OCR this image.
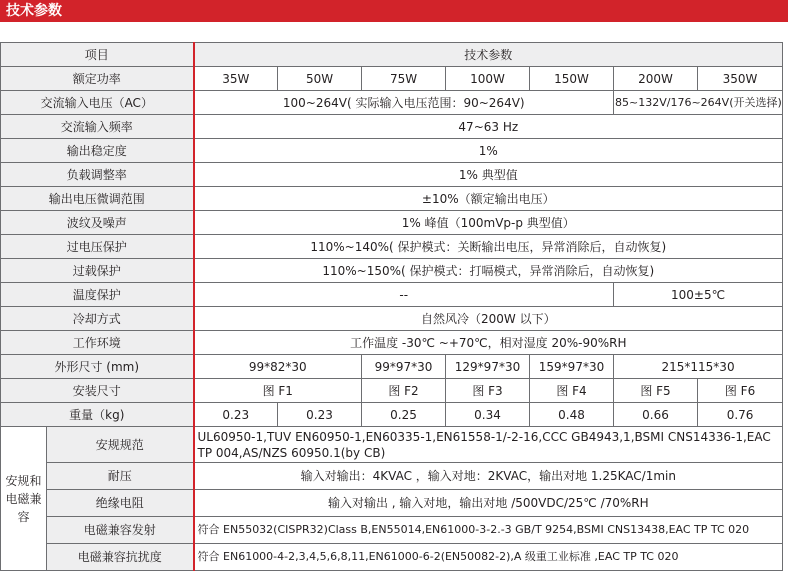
技术参数
项目		技术参数						
额定功率		35W	50W	75W	100W	150W	200W	350W
交流输入电压（AC）		100~264V( 实际输入电压范围：90~264V)					85~132V/176~264V(开关选择)	
交流输入频率		47~63 Hz						
输出稳定度		1%						
负载调整率		1% 典型值						
输出电压微调范围		±10%（额定输出电压）						
波纹及噪声		1% 峰值（100mVp-p 典型值）						
过电压保护		110%~140%( 保护模式：关断输出电压，异常消除后，自动恢复)						
过载保护		110%~150%( 保护模式：打嗝模式，异常消除后，自动恢复)						
温度保护		--					100±5℃	
冷却方式		自然风冷（200W 以下）						
工作环境		工作温度 -30℃ ~+70℃，相对湿度 20%-90%RH						
外形尺寸 (mm)		99*82*30		99*97*30	129*97*30	159*97*30	215*115*30	
安装尺寸		图 F1		图 F2	图 F3	图 F4	图 F5	图 F6
重量（kg)		0.23	0.23	0.25	0.34	0.48	0.66	0.76
安规和电磁兼容	安规规范	UL60950-1,TUV EN60950-1,EN60335-1,EN61558-1/-2-16,CCC GB4943,1,BSMI CNS14336-1,EAC TP 004,AS/NZS 60950.1(by CB)						
	耐压	输入对输出：4KVAC ，输入对地：2KVAC，输出对地 1.25KAC/1min						
	绝缘电阻	输入对输出 , 输入对地，输出对地 /500VDC/25℃ /70%RH						
	电磁兼容发射	符合 EN55032(CISPR32)Class B,EN55014,EN61000-3-2.-3 GB/T 9254,BSMI CNS13438,EAC TP TC 020						
	电磁兼容抗扰度	符合 EN61000-4-2,3,4,5,6,8,11,EN61000-6-2(EN50082-2),A 级重工业标准 ,EAC TP TC 020						
